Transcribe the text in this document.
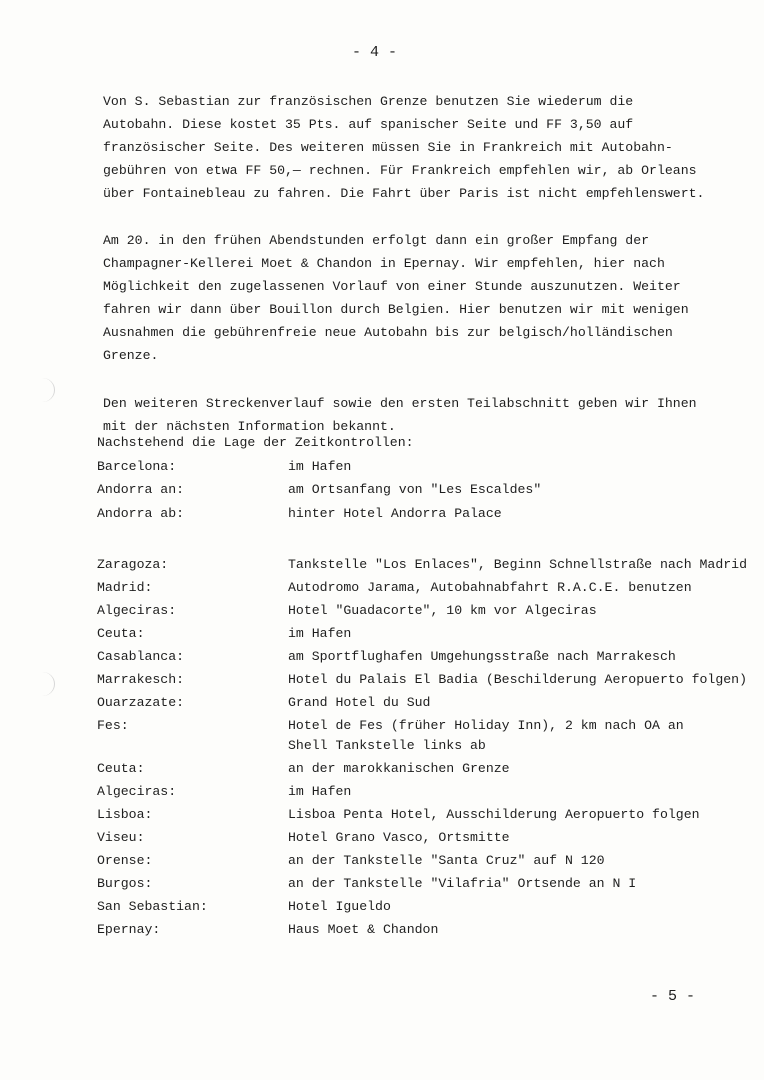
- 4 -

Von S. Sebastian zur französischen Grenze benutzen Sie wiederum die
Autobahn. Diese kostet 35 Pts. auf spanischer Seite und FF 3,50 auf
französischer Seite. Des weiteren müssen Sie in Frankreich mit Autobahn-
gebühren von etwa FF 50,— rechnen. Für Frankreich empfehlen wir, ab Orleans
über Fontainebleau zu fahren. Die Fahrt über Paris ist nicht empfehlenswert.

Am 20. in den frühen Abendstunden erfolgt dann ein großer Empfang der
Champagner-Kellerei Moet & Chandon in Epernay. Wir empfehlen, hier nach
Möglichkeit den zugelassenen Vorlauf von einer Stunde auszunutzen. Weiter
fahren wir dann über Bouillon durch Belgien. Hier benutzen wir mit wenigen
Ausnahmen die gebührenfreie neue Autobahn bis zur belgisch/holländischen
Grenze.

Den weiteren Streckenverlauf sowie den ersten Teilabschnitt geben wir Ihnen
mit der nächsten Information bekannt.

Nachstehend die Lage der Zeitkontrollen:
Barcelona:	im Hafen
Andorra an:	am Ortsanfang von "Les Escaldes"
Andorra ab:	hinter Hotel Andorra Palace
Zaragoza:	Tankstelle "Los Enlaces", Beginn Schnellstraße nach Madrid
Madrid:	Autodromo Jarama, Autobahnabfahrt R.A.C.E. benutzen
Algeciras:	Hotel "Guadacorte", 10 km vor Algeciras
Ceuta:	im Hafen
Casablanca:	am Sportflughafen Umgehungsstraße nach Marrakesch
Marrakesch:	Hotel du Palais El Badia (Beschilderung Aeropuerto folgen)
Ouarzazate:	Grand Hotel du Sud
Fes:	Hotel de Fes (früher Holiday Inn), 2 km nach OA an
Shell Tankstelle links ab
Ceuta:	an der marokkanischen Grenze
Algeciras:	im Hafen
Lisboa:	Lisboa Penta Hotel, Ausschilderung Aeropuerto folgen
Viseu:	Hotel Grano Vasco, Ortsmitte
Orense:	an der Tankstelle "Santa Cruz" auf N 120
Burgos:	an der Tankstelle "Vilafria" Ortsende an N I
San Sebastian:	Hotel Igueldo
Epernay:	Haus Moet & Chandon
- 5 -
